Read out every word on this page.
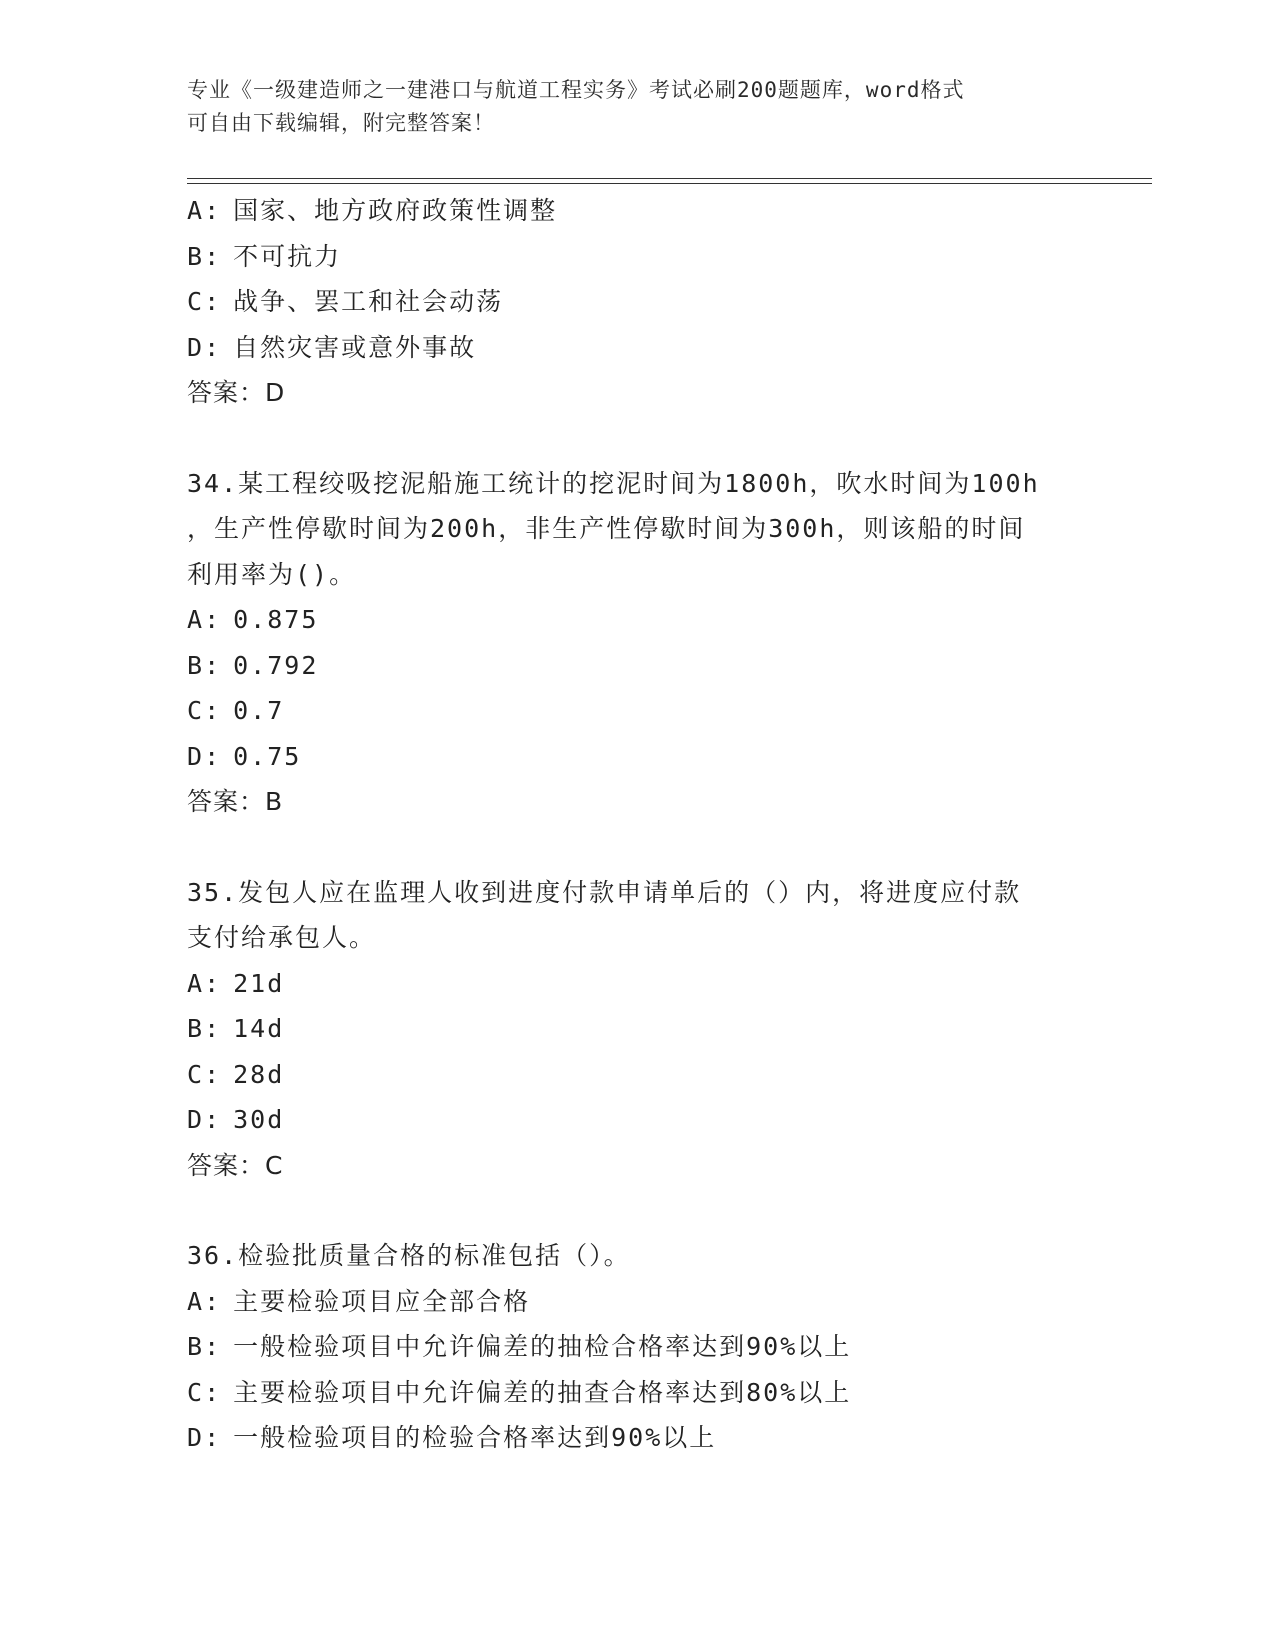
专业《一级建造师之一建港口与航道工程实务》考试必刷200题题库，word格式
可自由下载编辑，附完整答案！
A: 国家、地方政府政策性调整
B: 不可抗力
C: 战争、罢工和社会动荡
D: 自然灾害或意外事故
答案：D
34.某工程绞吸挖泥船施工统计的挖泥时间为1800h，吹水时间为100h
，生产性停歇时间为200h，非生产性停歇时间为300h，则该船的时间
利用率为()。
A: 0.875
B: 0.792
C: 0.7
D: 0.75
答案：B
35.发包人应在监理人收到进度付款申请单后的（）内，将进度应付款
支付给承包人。
A: 21d
B: 14d
C: 28d
D: 30d
答案：C
36.检验批质量合格的标准包括（）。
A: 主要检验项目应全部合格
B: 一般检验项目中允许偏差的抽检合格率达到90%以上
C: 主要检验项目中允许偏差的抽查合格率达到80%以上
D: 一般检验项目的检验合格率达到90%以上
